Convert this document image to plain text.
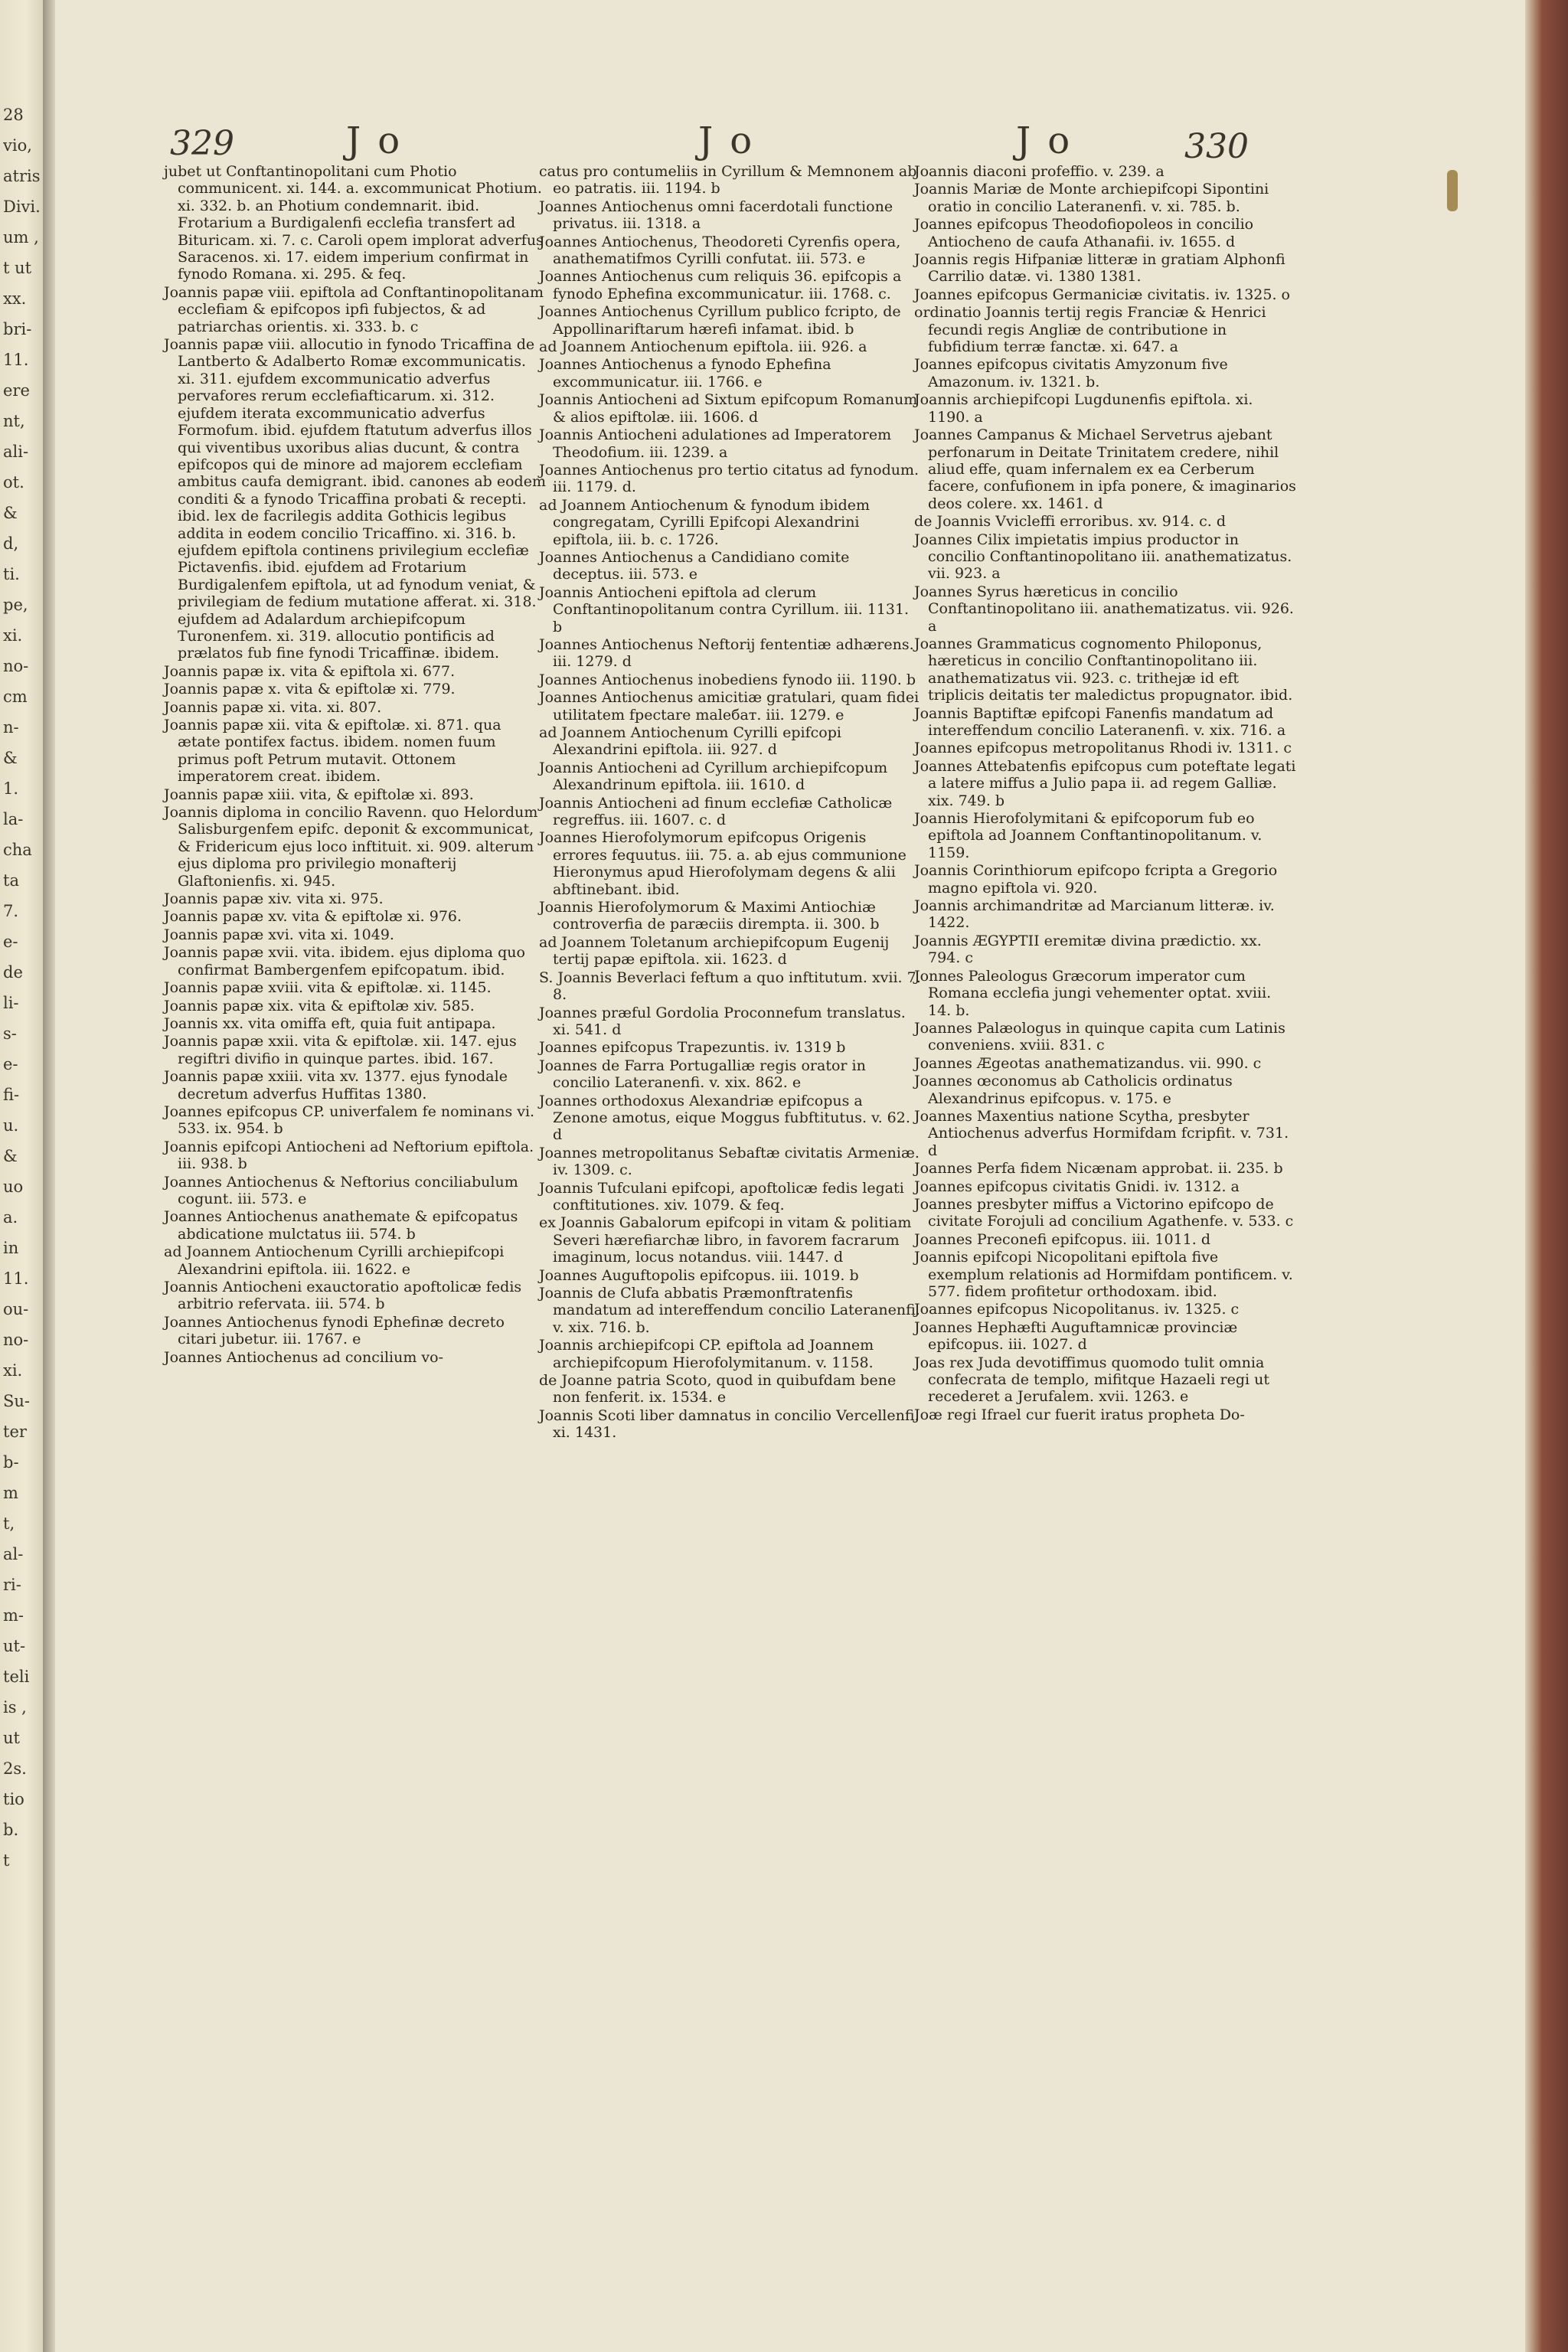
28
vio,
atris
Divi.
um ,
t ut
xx.
bri-
11.
ere
nt,
ali-
ot.
&
d,
ti.
pe,
xi.
no-
cm
n-
&
1.
la-
cha
ta
7.
e-
de
li-
s-
e-
fi-
u.
&
uo
a.
in
11.
ou-
no-
xi.
Su-
ter
b-
m
t,
al-
ri-
m-
ut-
teli
is ,
ut
2s.
tio
b.
t
329	Jo	Jo	Jo	330
jubet ut Conftantinopolitani cum Photio communicent. xi. 144. a. excommunicat Photium. xi. 332. b. an Photium condemnarit. ibid. Frotarium a Burdigalenfi ecclefia transfert ad Bituricam. xi. 7. c. Caroli opem implorat adverfus Saracenos. xi. 17. eidem imperium confirmat in fynodo Romana. xi. 295. & feq.
Joannis papæ viii. epiftola ad Conftantinopolitanam ecclefiam & epifcopos ipfi fubjectos, & ad patriarchas orientis. xi. 333. b. c
Joannis papæ viii. allocutio in fynodo Tricaffina de Lantberto & Adalberto Romæ excommunicatis. xi. 311. ejufdem excommunicatio adverfus pervafores rerum ecclefiafticarum. xi. 312. ejufdem iterata excommunicatio adverfus Formofum. ibid. ejufdem ftatutum adverfus illos qui viventibus uxoribus alias ducunt, & contra epifcopos qui de minore ad majorem ecclefiam ambitus caufa demigrant. ibid. canones ab eodem conditi & a fynodo Tricaffina probati & recepti. ibid. lex de facrilegis addita Gothicis legibus addita in eodem concilio Tricaffino. xi. 316. b. ejufdem epiftola continens privilegium ecclefiæ Pictavenfis. ibid. ejufdem ad Frotarium Burdigalenfem epiftola, ut ad fynodum veniat, & privilegiam de fedium mutatione afferat. xi. 318. ejufdem ad Adalardum archiepifcopum Turonenfem. xi. 319. allocutio pontificis ad prælatos fub fine fynodi Tricaffinæ. ibidem.
Joannis papæ ix. vita & epiftola xi. 677.
Joannis papæ x. vita & epiftolæ xi. 779.
Joannis papæ xi. vita. xi. 807.
Joannis papæ xii. vita & epiftolæ. xi. 871. qua ætate pontifex factus. ibidem. nomen fuum primus poft Petrum mutavit. Ottonem imperatorem creat. ibidem.
Joannis papæ xiii. vita, & epiftolæ xi. 893.
Joannis diploma in concilio Ravenn. quo Helordum Salisburgenfem epifc. deponit & excommunicat, & Fridericum ejus loco inftituit. xi. 909. alterum ejus diploma pro privilegio monafterij Glaftonienfis. xi. 945.
Joannis papæ xiv. vita xi. 975.
Joannis papæ xv. vita & epiftolæ xi. 976.
Joannis papæ xvi. vita xi. 1049.
Joannis papæ xvii. vita. ibidem. ejus diploma quo confirmat Bambergenfem epifcopatum. ibid.
Joannis papæ xviii. vita & epiftolæ. xi. 1145.
Joannis papæ xix. vita & epiftolæ xiv. 585.
Joannis xx. vita omiffa eft, quia fuit antipapa.
Joannis papæ xxii. vita & epiftolæ. xii. 147. ejus regiftri divifio in quinque partes. ibid. 167.
Joannis papæ xxiii. vita xv. 1377. ejus fynodale decretum adverfus Huffitas 1380.
Joannes epifcopus CP. univerfalem fe nominans vi. 533. ix. 954. b
Joannis epifcopi Antiocheni ad Neftorium epiftola. iii. 938. b
Joannes Antiochenus & Neftorius conciliabulum cogunt. iii. 573. e
Joannes Antiochenus anathemate & epifcopatus abdicatione mulctatus iii. 574. b
ad Joannem Antiochenum Cyrilli archiepifcopi Alexandrini epiftola. iii. 1622. e
Joannis Antiocheni exauctoratio apoftolicæ fedis arbitrio refervata. iii. 574. b
Joannes Antiochenus fynodi Ephefinæ decreto citari jubetur. iii. 1767. e
Joannes Antiochenus ad concilium vo-
catus pro contumeliis in Cyrillum & Memnonem ab eo patratis. iii. 1194. b
Joannes Antiochenus omni facerdotali functione privatus. iii. 1318. a
Joannes Antiochenus, Theodoreti Cyrenfis opera, anathematifmos Cyrilli confutat. iii. 573. e
Joannes Antiochenus cum reliquis 36. epifcopis a fynodo Ephefina excommunicatur. iii. 1768. c.
Joannes Antiochenus Cyrillum publico fcripto, de Appollinariftarum hærefi infamat. ibid. b
ad Joannem Antiochenum epiftola. iii. 926. a
Joannes Antiochenus a fynodo Ephefina excommunicatur. iii. 1766. e
Joannis Antiocheni ad Sixtum epifcopum Romanum & alios epiftolæ. iii. 1606. d
Joannis Antiocheni adulationes ad Imperatorem Theodofium. iii. 1239. a
Joannes Antiochenus pro tertio citatus ad fynodum. iii. 1179. d.
ad Joannem Antiochenum & fynodum ibidem congregatam, Cyrilli Epifcopi Alexandrini epiftola, iii. b. c. 1726.
Joannes Antiochenus a Candidiano comite deceptus. iii. 573. e
Joannis Antiocheni epiftola ad clerum Conftantinopolitanum contra Cyrillum. iii. 1131. b
Joannes Antiochenus Neftorij fententiæ adhærens. iii. 1279. d
Joannes Antiochenus inobediens fynodo iii. 1190. b
Joannes Antiochenus amicitiæ gratulari, quam fidei utilitatem fpectare maleбат. iii. 1279. e
ad Joannem Antiochenum Cyrilli epifcopi Alexandrini epiftola. iii. 927. d
Joannis Antiocheni ad Cyrillum archiepifcopum Alexandrinum epiftola. iii. 1610. d
Joannis Antiocheni ad finum ecclefiæ Catholicæ regreffus. iii. 1607. c. d
Joannes Hierofolymorum epifcopus Origenis errores fequutus. iii. 75. a. ab ejus communione Hieronymus apud Hierofolymam degens & alii abftinebant. ibid.
Joannis Hierofolymorum & Maximi Antiochiæ controverfia de paræciis dirempta. ii. 300. b
ad Joannem Toletanum archiepifcopum Eugenij tertij papæ epiftola. xii. 1623. d
S. Joannis Beverlaci feftum a quo inftitutum. xvii. 7. 8.
Joannes præful Gordolia Proconnefum translatus. xi. 541. d
Joannes epifcopus Trapezuntis. iv. 1319 b
Joannes de Farra Portugalliæ regis orator in concilio Lateranenfi. v. xix. 862. e
Joannes orthodoxus Alexandriæ epifcopus a Zenone amotus, eique Moggus fubftitutus. v. 62. d
Joannes metropolitanus Sebaftæ civitatis Armeniæ. iv. 1309. c.
Joannis Tufculani epifcopi, apoftolicæ fedis legati conftitutiones. xiv. 1079. & feq.
ex Joannis Gabalorum epifcopi in vitam & politiam Severi hærefiarchæ libro, in favorem facrarum imaginum, locus notandus. viii. 1447. d
Joannes Auguftopolis epifcopus. iii. 1019. b
Joannis de Clufa abbatis Præmonftratenfis mandatum ad intereffendum concilio Lateranenfi. v. xix. 716. b.
Joannis archiepifcopi CP. epiftola ad Joannem archiepifcopum Hierofolymitanum. v. 1158.
de Joanne patria Scoto, quod in quibufdam bene non fenferit. ix. 1534. e
Joannis Scoti liber damnatus in concilio Vercellenfi. xi. 1431.
Joannis diaconi profeffio. v. 239. a
Joannis Mariæ de Monte archiepifcopi Sipontini oratio in concilio Lateranenfi. v. xi. 785. b.
Joannes epifcopus Theodofiopoleos in concilio Antiocheno de caufa Athanafii. iv. 1655. d
Joannis regis Hifpaniæ litteræ in gratiam Alphonfi Carrilio datæ. vi. 1380 1381.
Joannes epifcopus Germaniciæ civitatis. iv. 1325. o
ordinatio Joannis tertij regis Franciæ & Henrici fecundi regis Angliæ de contributione in fubfidium terræ fanctæ. xi. 647. a
Joannes epifcopus civitatis Amyzonum five Amazonum. iv. 1321. b.
Joannis archiepifcopi Lugdunenfis epiftola. xi. 1190. a
Joannes Campanus & Michael Servetrus ajebant perfonarum in Deitate Trinitatem credere, nihil aliud effe, quam infernalem ex ea Cerberum facere, confufionem in ipfa ponere, & imaginarios deos colere. xx. 1461. d
de Joannis Vvicleffi erroribus. xv. 914. c. d
Joannes Cilix impietatis impius productor in concilio Conftantinopolitano iii. anathematizatus. vii. 923. a
Joannes Syrus hæreticus in concilio Conftantinopolitano iii. anathematizatus. vii. 926. a
Joannes Grammaticus cognomento Philoponus, hæreticus in concilio Conftantinopolitano iii. anathematizatus vii. 923. c. trithejæ id eft triplicis deitatis ter maledictus propugnator. ibid.
Joannis Baptiftæ epifcopi Fanenfis mandatum ad intereffendum concilio Lateranenfi. v. xix. 716. a
Joannes epifcopus metropolitanus Rhodi iv. 1311. c
Joannes Attebatenfis epifcopus cum poteftate legati a latere miffus a Julio papa ii. ad regem Galliæ. xix. 749. b
Joannis Hierofolymitani & epifcoporum fub eo epiftola ad Joannem Conftantinopolitanum. v. 1159.
Joannis Corinthiorum epifcopo fcripta a Gregorio magno epiftola vi. 920.
Joannis archimandritæ ad Marcianum litteræ. iv. 1422.
Joannis ÆGYPTII eremitæ divina prædictio. xx. 794. c
Jonnes Paleologus Græcorum imperator cum Romana ecclefia jungi vehementer optat. xviii. 14. b.
Joannes Palæologus in quinque capita cum Latinis conveniens. xviii. 831. c
Joannes Ægeotas anathematizandus. vii. 990. c
Joannes œconomus ab Catholicis ordinatus Alexandrinus epifcopus. v. 175. e
Joannes Maxentius natione Scytha, presbyter Antiochenus adverfus Hormifdam fcripfit. v. 731. d
Joannes Perfa fidem Nicænam approbat. ii. 235. b
Joannes epifcopus civitatis Gnidi. iv. 1312. a
Joannes presbyter miffus a Victorino epifcopo de civitate Forojuli ad concilium Agathenfe. v. 533. c
Joannes Preconefi epifcopus. iii. 1011. d
Joannis epifcopi Nicopolitani epiftola five exemplum relationis ad Hormifdam pontificem. v. 577. fidem profitetur orthodoxam. ibid.
Joannes epifcopus Nicopolitanus. iv. 1325. c
Joannes Hephæfti Auguftamnicæ provinciæ epifcopus. iii. 1027. d
Joas rex Juda devotiffimus quomodo tulit omnia confecrata de templo, mifitque Hazaeli regi ut recederet a Jerufalem. xvii. 1263. e
Joæ regi Ifrael cur fuerit iratus propheta Do-
